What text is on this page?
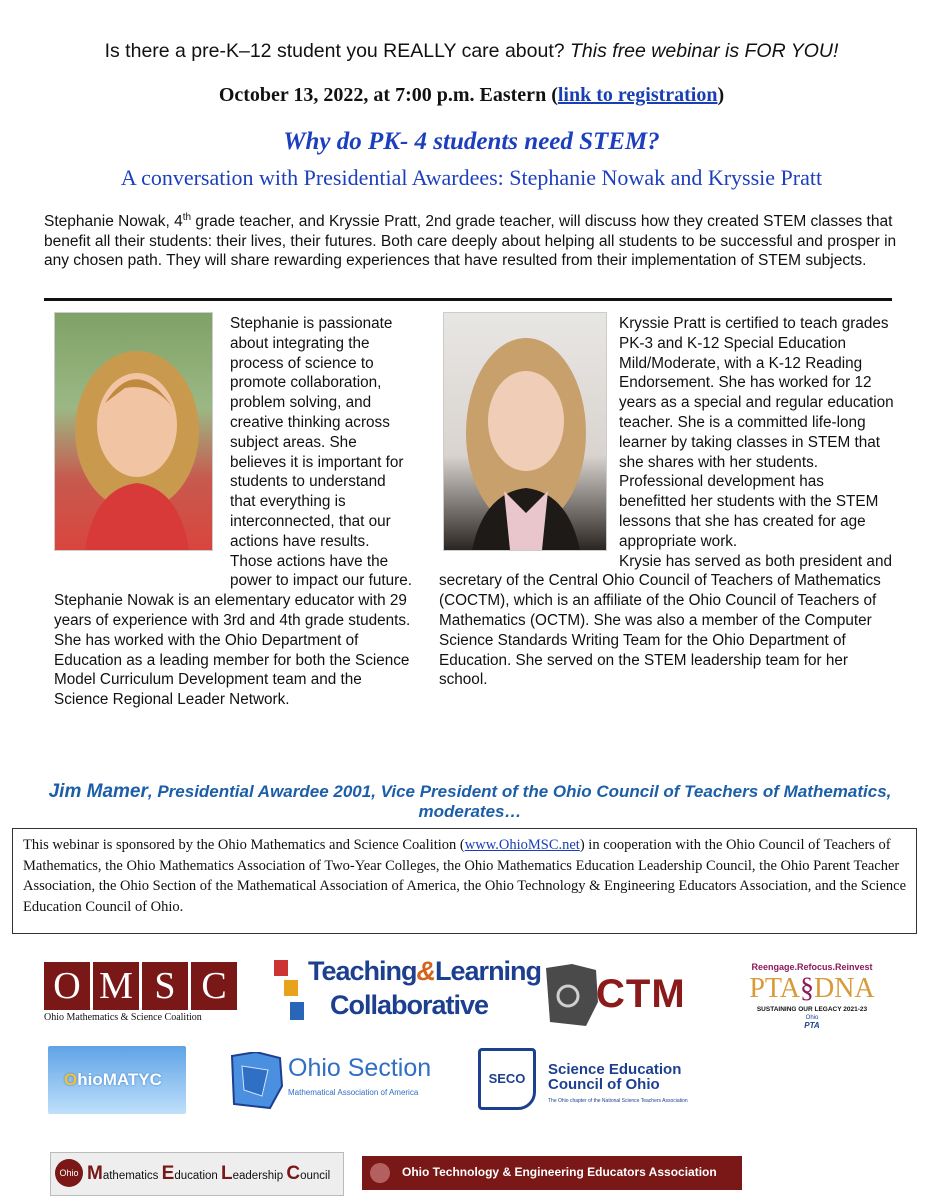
Is there a pre-K–12 student you REALLY care about? This free webinar is FOR YOU!
October 13, 2022, at 7:00 p.m. Eastern (link to registration)
Why do PK- 4 students need STEM?
A conversation with Presidential Awardees: Stephanie Nowak and Kryssie Pratt
Stephanie Nowak, 4th grade teacher, and Kryssie Pratt, 2nd grade teacher, will discuss how they created STEM classes that benefit all their students: their lives, their futures. Both care deeply about helping all students to be successful and prosper in any chosen path. They will share rewarding experiences that have resulted from their implementation of STEM subjects.

Stephanie is passionate about integrating the process of science to promote collaboration, problem solving, and creative thinking across subject areas. She believes it is important for students to understand that everything is interconnected, that our actions have results. Those actions have the power to impact our future.

Stephanie Nowak is an elementary educator with 29 years of experience with 3rd and 4th grade students. She has worked with the Ohio Department of Education as a leading member for both the Science Model Curriculum Development team and the Science Regional Leader Network.

Kryssie Pratt is certified to teach grades PK-3 and K-12 Special Education Mild/Moderate, with a K-12 Reading Endorsement. She has worked for 12 years as a special and regular education teacher. She is a committed life-long learner by taking classes in STEM that she shares with her students.

Professional development has benefitted her students with the STEM lessons that she has created for age appropriate work.

Krysie has served as both president and secretary of the Central Ohio Council of Teachers of Mathematics (COCTM), which is an affiliate of the Ohio Council of Teachers of Mathematics (OCTM). She was also a member of the Computer Science Standards Writing Team for the Ohio Department of Education. She served on the STEM leadership team for her school.

Jim Mamer, Presidential Awardee 2001, Vice President of the Ohio Council of Teachers of Mathematics, moderates…
This webinar is sponsored by the Ohio Mathematics and Science Coalition (www.OhioMSC.net) in cooperation with the Ohio Council of Teachers of Mathematics, the Ohio Mathematics Association of Two-Year Colleges, the Ohio Mathematics Education Leadership Council, the Ohio Parent Teacher Association, the Ohio Section of the Mathematical Association of America, the Ohio Technology & Engineering Educators Association, and the Science Education Council of Ohio.
O M S C
Ohio Mathematics & Science Coalition
Teaching&Learning
Collaborative	CTM
Reengage.Refocus.Reinvest
PTA§DNA
SUSTAINING OUR LEGACY 2021-23
Ohio
PTA
OhioMATYC	Ohio Section
Mathematical Association of America
SECO
Science Education
Council of Ohio
The Ohio chapter of the National Science Teachers Association
Ohio Mathematics Education Leadership Council	Ohio Technology & Engineering Educators Association
